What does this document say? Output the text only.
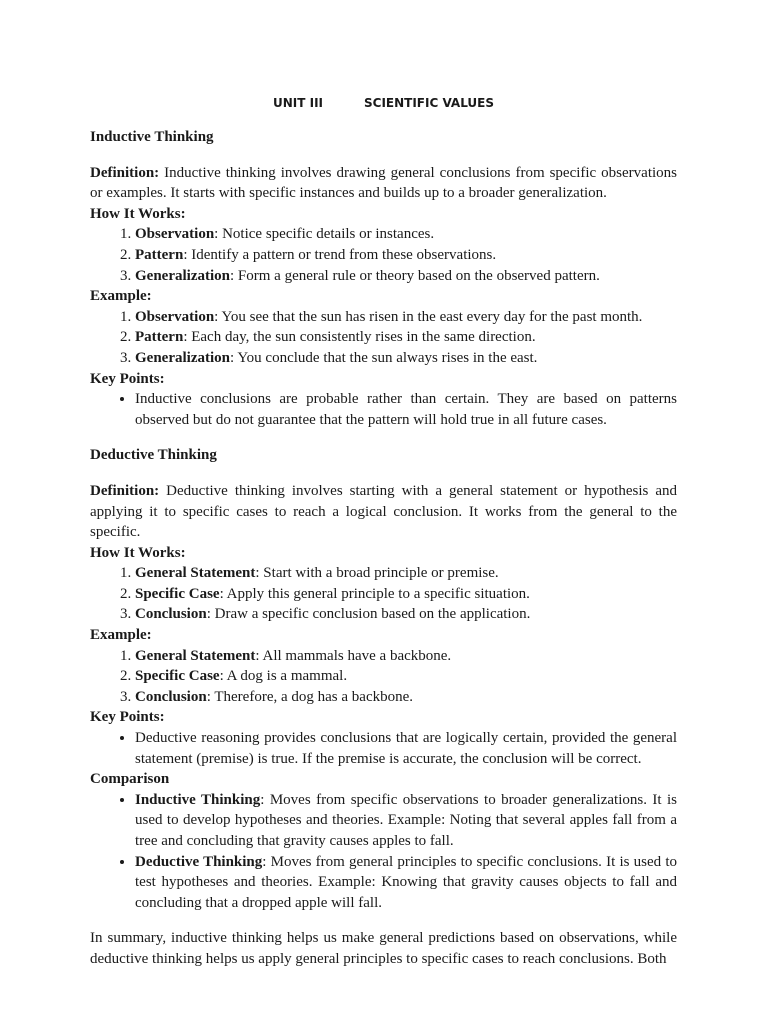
UNIT III	SCIENTIFIC VALUES
Inductive Thinking

Definition: Inductive thinking involves drawing general conclusions from specific observations or examples. It starts with specific instances and builds up to a broader generalization.

How It Works:
1. Observation: Notice specific details or instances.
2. Pattern: Identify a pattern or trend from these observations.
3. Generalization: Form a general rule or theory based on the observed pattern.
Example:
1. Observation: You see that the sun has risen in the east every day for the past month.
2. Pattern: Each day, the sun consistently rises in the same direction.
3. Generalization: You conclude that the sun always rises in the east.
Key Points:
• Inductive conclusions are probable rather than certain. They are based on patterns observed but do not guarantee that the pattern will hold true in all future cases.
Deductive Thinking

Definition: Deductive thinking involves starting with a general statement or hypothesis and applying it to specific cases to reach a logical conclusion. It works from the general to the specific.

How It Works:
1. General Statement: Start with a broad principle or premise.
2. Specific Case: Apply this general principle to a specific situation.
3. Conclusion: Draw a specific conclusion based on the application.
Example:
1. General Statement: All mammals have a backbone.
2. Specific Case: A dog is a mammal.
3. Conclusion: Therefore, a dog has a backbone.
Key Points:
• Deductive reasoning provides conclusions that are logically certain, provided the general statement (premise) is true. If the premise is accurate, the conclusion will be correct.
Comparison
• Inductive Thinking: Moves from specific observations to broader generalizations. It is used to develop hypotheses and theories. Example: Noting that several apples fall from a tree and concluding that gravity causes apples to fall.
• Deductive Thinking: Moves from general principles to specific conclusions. It is used to test hypotheses and theories. Example: Knowing that gravity causes objects to fall and concluding that a dropped apple will fall.

In summary, inductive thinking helps us make general predictions based on observations, while deductive thinking helps us apply general principles to specific cases to reach conclusions. Both
